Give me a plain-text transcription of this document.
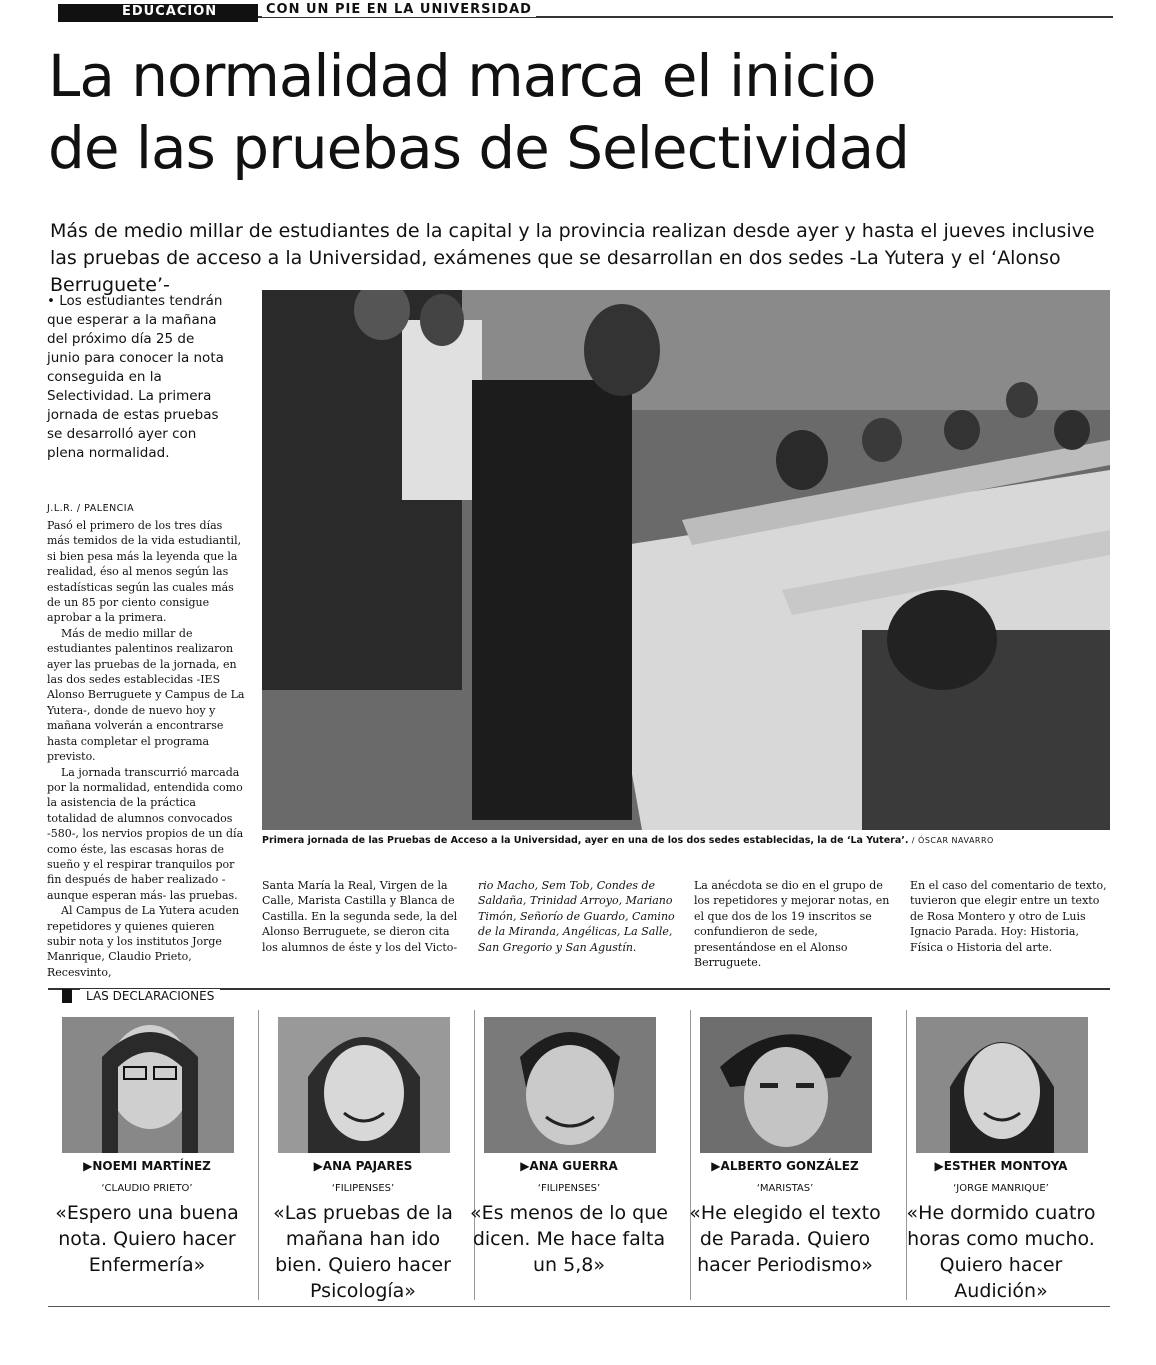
EDUCACIÓN	CON UN PIE EN LA UNIVERSIDAD
La normalidad marca el inicio
de las pruebas de Selectividad
Más de medio millar de estudiantes de la capital y la provincia realizan desde ayer y hasta el jueves inclusive las pruebas de acceso a la Universidad, exámenes que se desarrollan en dos sedes -La Yutera y el ‘Alonso Berruguete’-
• Los estudiantes tendrán que esperar a la mañana del próximo día 25 de junio para conocer la nota conseguida en la Selectividad. La primera jornada de estas pruebas se desarrolló ayer con plena normalidad.
J.L.R. / PALENCIA

Pasó el primero de los tres días más temidos de la vida estudiantil, si bien pesa más la leyenda que la realidad, éso al menos según las estadísticas según las cuales más de un 85 por ciento consigue aprobar a la primera.

Más de medio millar de estudiantes palentinos realizaron ayer las pruebas de la jornada, en las dos sedes establecidas -IES Alonso Berruguete y Campus de La Yutera-, donde de nuevo hoy y mañana volverán a encontrarse hasta completar el programa previsto.

La jornada transcurrió marcada por la normalidad, entendida como la asistencia de la práctica totalidad de alumnos convocados -580-, los nervios propios de un día como éste, las escasas horas de sueño y el respirar tranquilos por fin después de haber realizado -aunque esperan más- las pruebas.

Al Campus de La Yutera acuden repetidores y quienes quieren subir nota y los institutos Jorge Manrique, Claudio Prieto, Recesvinto,

Primera jornada de las Pruebas de Acceso a la Universidad, ayer en una de los dos sedes establecidas, la de ‘La Yutera’. / ÓSCAR NAVARRO

Santa María la Real, Virgen de la Calle, Marista Castilla y Blanca de Castilla. En la segunda sede, la del Alonso Berruguete, se dieron cita los alumnos de éste y los del Victo-

rio Macho, Sem Tob, Condes de Saldaña, Trinidad Arroyo, Mariano Timón, Señorío de Guardo, Camino de la Miranda, Angélicas, La Salle, San Gregorio y San Agustín.

La anécdota se dio en el grupo de los repetidores y mejorar notas, en el que dos de los 19 inscritos se confundieron de sede, presentándose en el Alonso Berruguete.

En el caso del comentario de texto, tuvieron que elegir entre un texto de Rosa Montero y otro de Luis Ignacio Parada. Hoy: Historia, Física o Historia del arte.

LAS DECLARACIONES
▶NOEMI MARTÍNEZ
‘CLAUDIO PRIETO’
«Espero una buena nota. Quiero hacer Enfermería»
▶ANA PAJARES
‘FILIPENSES’
«Las pruebas de la mañana han ido bien. Quiero hacer Psicología»
▶ANA GUERRA
‘FILIPENSES’
«Es menos de lo que dicen. Me hace falta un 5,8»
▶ALBERTO GONZÁLEZ
‘MARISTAS’
«He elegido el texto de Parada. Quiero hacer Periodismo»
▶ESTHER MONTOYA
‘JORGE MANRIQUE’
«He dormido cuatro horas como mucho. Quiero hacer Audición»
